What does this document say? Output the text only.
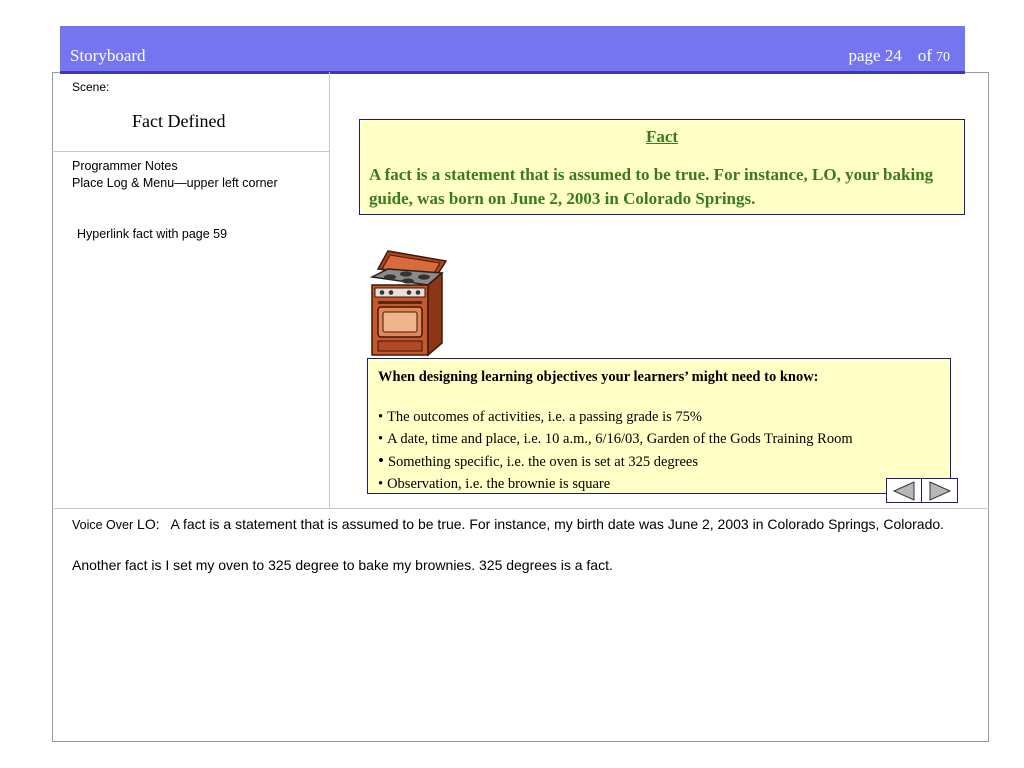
Storyboard	page 24 of 70
Scene:
Fact Defined
Programmer Notes
Place Log & Menu—upper left corner
Hyperlink fact with page 59
Fact
A fact is a statement that is assumed to be true. For instance, LO, your baking guide, was born on June 2, 2003 in Colorado Springs.
When designing learning objectives your learners’ might need to know:
• The outcomes of activities, i.e. a passing grade is 75%
• A date, time and place, i.e. 10 a.m., 6/16/03, Garden of the Gods Training Room
• Something specific, i.e. the oven is set at 325 degrees
• Observation, i.e. the brownie is square
Voice Over LO: A fact is a statement that is assumed to be true. For instance, my birth date was June 2, 2003 in Colorado Springs, Colorado.
Another fact is I set my oven to 325 degree to bake my brownies. 325 degrees is a fact.
